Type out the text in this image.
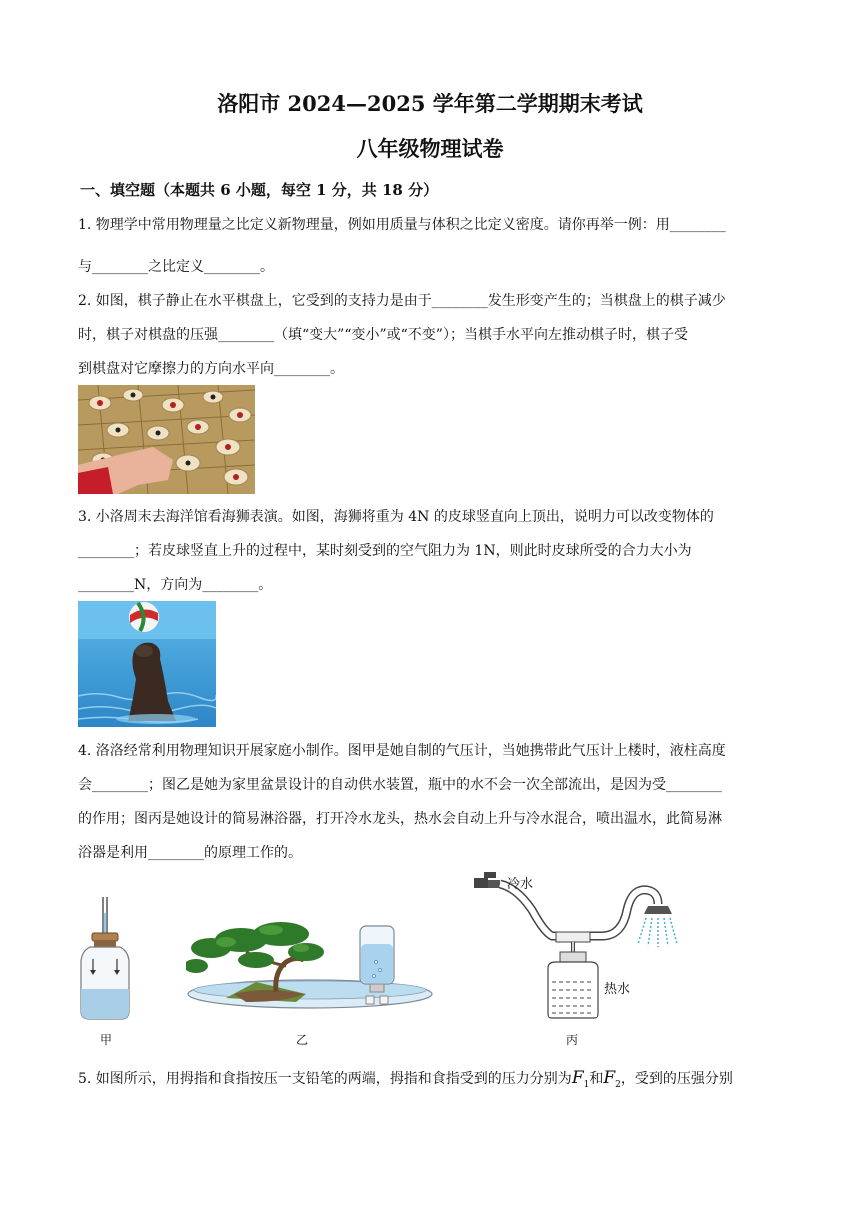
洛阳市 2024—2025 学年第二学期期末考试
八年级物理试卷
一、填空题（本题共 6 小题，每空 1 分，共 18 分）
1. 物理学中常用物理量之比定义新物理量，例如用质量与体积之比定义密度。请你再举一例：用________
与________之比定义________。
2. 如图，棋子静止在水平棋盘上，它受到的支持力是由于________发生形变产生的；当棋盘上的棋子减少
时，棋子对棋盘的压强________（填“变大”“变小”或“不变”）；当棋手水平向左推动棋子时，棋子受
到棋盘对它摩擦力的方向水平向________。
3. 小洛周末去海洋馆看海狮表演。如图，海狮将重为 4N 的皮球竖直向上顶出，说明力可以改变物体的
________；若皮球竖直上升的过程中，某时刻受到的空气阻力为 1N，则此时皮球所受的合力大小为
________N，方向为________。
4. 洛洛经常利用物理知识开展家庭小制作。图甲是她自制的气压计，当她携带此气压计上楼时，液柱高度
会________；图乙是她为家里盆景设计的自动供水装置，瓶中的水不会一次全部流出，是因为受________
的作用；图丙是她设计的简易淋浴器，打开冷水龙头，热水会自动上升与冷水混合，喷出温水，此简易淋
浴器是利用________的原理工作的。
甲	乙
冷水
热水
丙
5. 如图所示，用拇指和食指按压一支铅笔的两端，拇指和食指受到的压力分别为$F_1$和$F_2$，受到的压强分别
